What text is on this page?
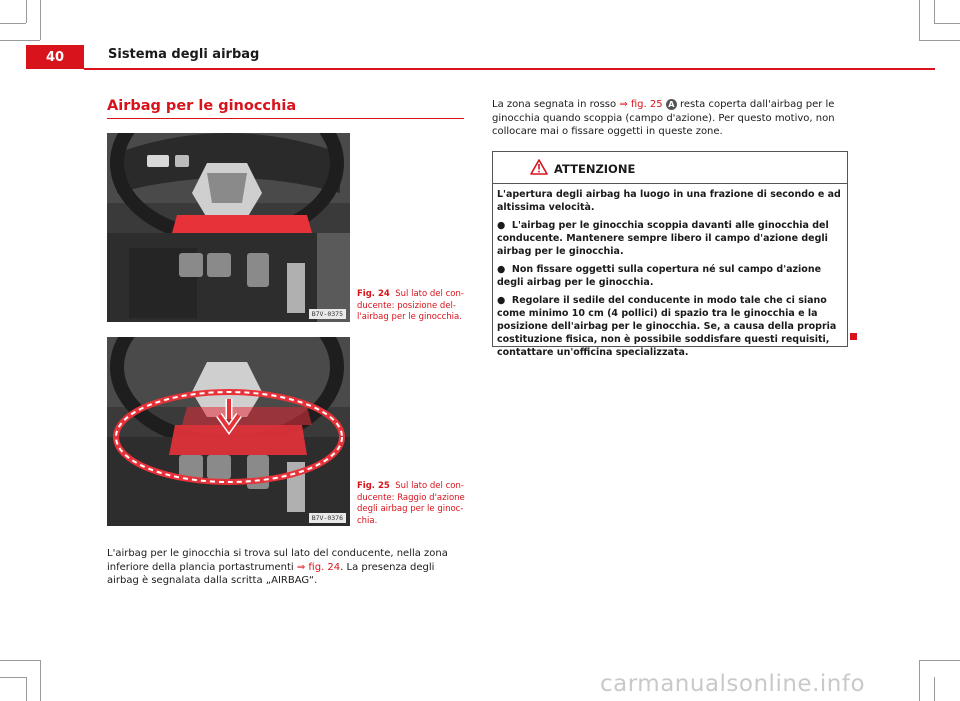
40	Sistema degli airbag
Airbag per le ginocchia
B7V-0375
Fig. 24 Sul lato del conducente: posizione dell'airbag per le ginocchia.
B7V-0376
Fig. 25 Sul lato del conducente: Raggio d'azione degli airbag per le ginocchia.
L'airbag per le ginocchia si trova sul lato del conducente, nella zona inferiore della plancia portastrumenti ⇒ fig. 24. La presenza degli airbag è segnalata dalla scritta „AIRBAG“.
La zona segnata in rosso ⇒ fig. 25 A resta coperta dall'airbag per le ginocchia quando scoppia (campo d'azione). Per questo motivo, non collocare mai o fissare oggetti in queste zone.
ATTENZIONE

L'apertura degli airbag ha luogo in una frazione di secondo e ad altissima velocità.

● L'airbag per le ginocchia scoppia davanti alle ginocchia del conducente. Mantenere sempre libero il campo d'azione degli airbag per le ginocchia.

● Non fissare oggetti sulla copertura né sul campo d'azione degli airbag per le ginocchia.

● Regolare il sedile del conducente in modo tale che ci siano come minimo 10 cm (4 pollici) di spazio tra le ginocchia e la posizione dell'airbag per le ginocchia. Se, a causa della propria costituzione fisica, non è possibile soddisfare questi requisiti, contattare un'officina specializzata.

carmanualsonline.info
